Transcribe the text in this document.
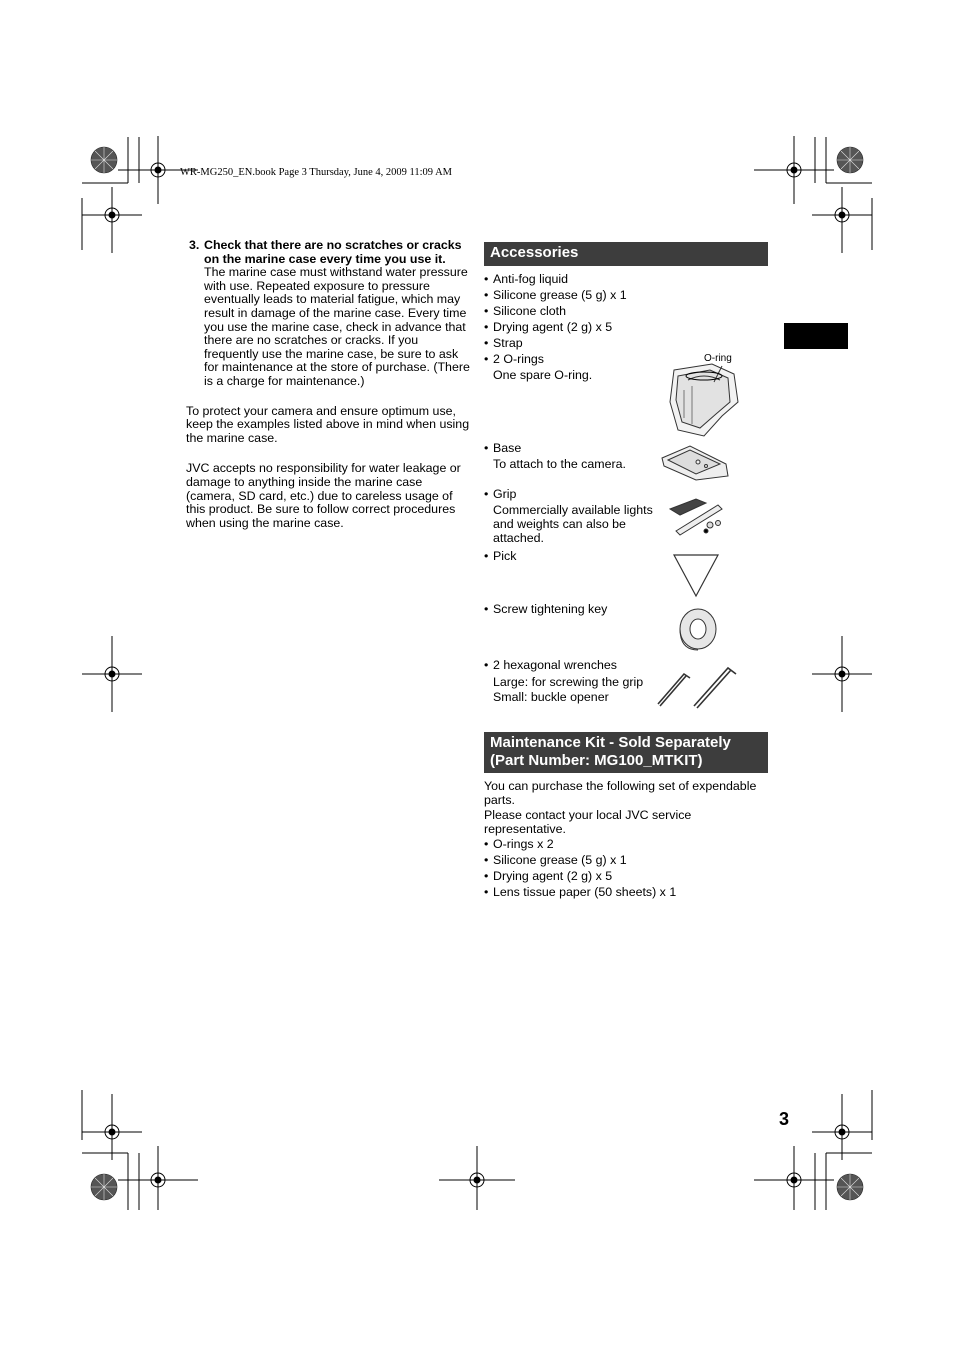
WR-MG250_EN.book Page 3 Thursday, June 4, 2009 11:09 AM
3. Check that there are no scratches or cracks on the marine case every time you use it.
The marine case must withstand water pressure with use. Repeated exposure to pressure eventually leads to material fatigue, which may result in damage of the marine case. Every time you use the marine case, check in advance that there are no scratches or cracks. If you frequently use the marine case, be sure to ask for maintenance at the store of purchase. (There is a charge for maintenance.)
To protect your camera and ensure optimum use, keep the examples listed above in mind when using the marine case.
JVC accepts no responsibility for water leakage or damage to anything inside the marine case (camera, SD card, etc.) due to careless usage of this product. Be sure to follow correct procedures when using the marine case.
Accessories
• Anti-fog liquid
• Silicone grease (5 g) x 1
• Silicone cloth
• Drying agent (2 g) x 5
• Strap
• 2 O-rings
One spare O-ring.
O-ring
• Base
To attach to the camera.
• Grip
Commercially available lights and weights can also be attached.
• Pick
• Screw tightening key
• 2 hexagonal wrenches
Large: for screwing the grip
Small: buckle opener
Maintenance Kit - Sold Separately
(Part Number: MG100_MTKIT)
You can purchase the following set of expendable parts.
Please contact your local JVC service representative.
• O-rings x 2
• Silicone grease (5 g) x 1
• Drying agent (2 g) x 5
• Lens tissue paper (50 sheets) x 1
3
